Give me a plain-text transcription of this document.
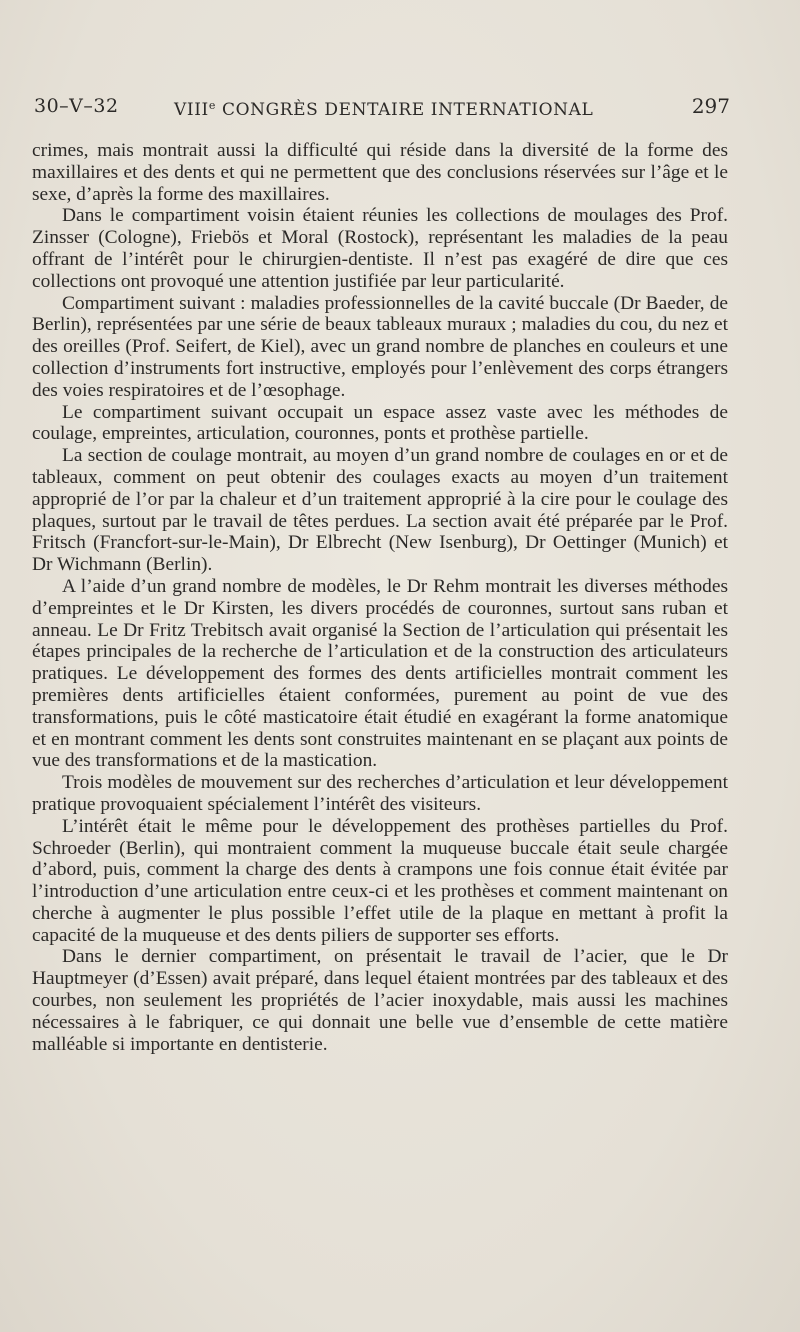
30–V–32	VIIIe CONGRÈS DENTAIRE INTERNATIONAL	297

crimes, mais montrait aussi la difficulté qui réside dans la diversité de la forme des maxillaires et des dents et qui ne permettent que des conclusions réservées sur l’âge et le sexe, d’après la forme des maxillaires.

Dans le compartiment voisin étaient réunies les collections de moulages des Prof. Zinsser (Cologne), Friebös et Moral (Rostock), représentant les maladies de la peau offrant de l’intérêt pour le chirurgien-dentiste. Il n’est pas exagéré de dire que ces collections ont provoqué une attention justifiée par leur particularité.

Compartiment suivant : maladies professionnelles de la cavité buccale (Dr Baeder, de Berlin), représentées par une série de beaux tableaux muraux ; maladies du cou, du nez et des oreilles (Prof. Seifert, de Kiel), avec un grand nombre de planches en couleurs et une collection d’instruments fort instructive, employés pour l’enlèvement des corps étrangers des voies respiratoires et de l’œsophage.

Le compartiment suivant occupait un espace assez vaste avec les méthodes de coulage, empreintes, articulation, couronnes, ponts et prothèse partielle.

La section de coulage montrait, au moyen d’un grand nombre de coulages en or et de tableaux, comment on peut obtenir des coulages exacts au moyen d’un traitement approprié de l’or par la chaleur et d’un traitement approprié à la cire pour le coulage des plaques, surtout par le travail de têtes perdues. La section avait été préparée par le Prof. Fritsch (Francfort-sur-le-Main), Dr Elbrecht (New Isenburg), Dr Oettinger (Munich) et Dr Wichmann (Berlin).

A l’aide d’un grand nombre de modèles, le Dr Rehm montrait les diverses méthodes d’empreintes et le Dr Kirsten, les divers procédés de couronnes, surtout sans ruban et anneau. Le Dr Fritz Trebitsch avait organisé la Section de l’articulation qui présentait les étapes principales de la recherche de l’articulation et de la construction des articulateurs pratiques. Le développement des formes des dents artificielles montrait comment les premières dents artificielles étaient conformées, purement au point de vue des transformations, puis le côté masticatoire était étudié en exagérant la forme anatomique et en montrant comment les dents sont construites maintenant en se plaçant aux points de vue des transformations et de la mastication.

Trois modèles de mouvement sur des recherches d’articulation et leur développement pratique provoquaient spécialement l’intérêt des visiteurs.

L’intérêt était le même pour le développement des prothèses partielles du Prof. Schroeder (Berlin), qui montraient comment la muqueuse buccale était seule chargée d’abord, puis, comment la charge des dents à crampons une fois connue était évitée par l’introduction d’une articulation entre ceux-ci et les prothèses et comment maintenant on cherche à augmenter le plus possible l’effet utile de la plaque en mettant à profit la capacité de la muqueuse et des dents piliers de supporter ses efforts.

Dans le dernier compartiment, on présentait le travail de l’acier, que le Dr Hauptmeyer (d’Essen) avait préparé, dans lequel étaient montrées par des tableaux et des courbes, non seulement les propriétés de l’acier inoxydable, mais aussi les machines nécessaires à le fabriquer, ce qui donnait une belle vue d’ensemble de cette matière malléable si importante en dentisterie.
